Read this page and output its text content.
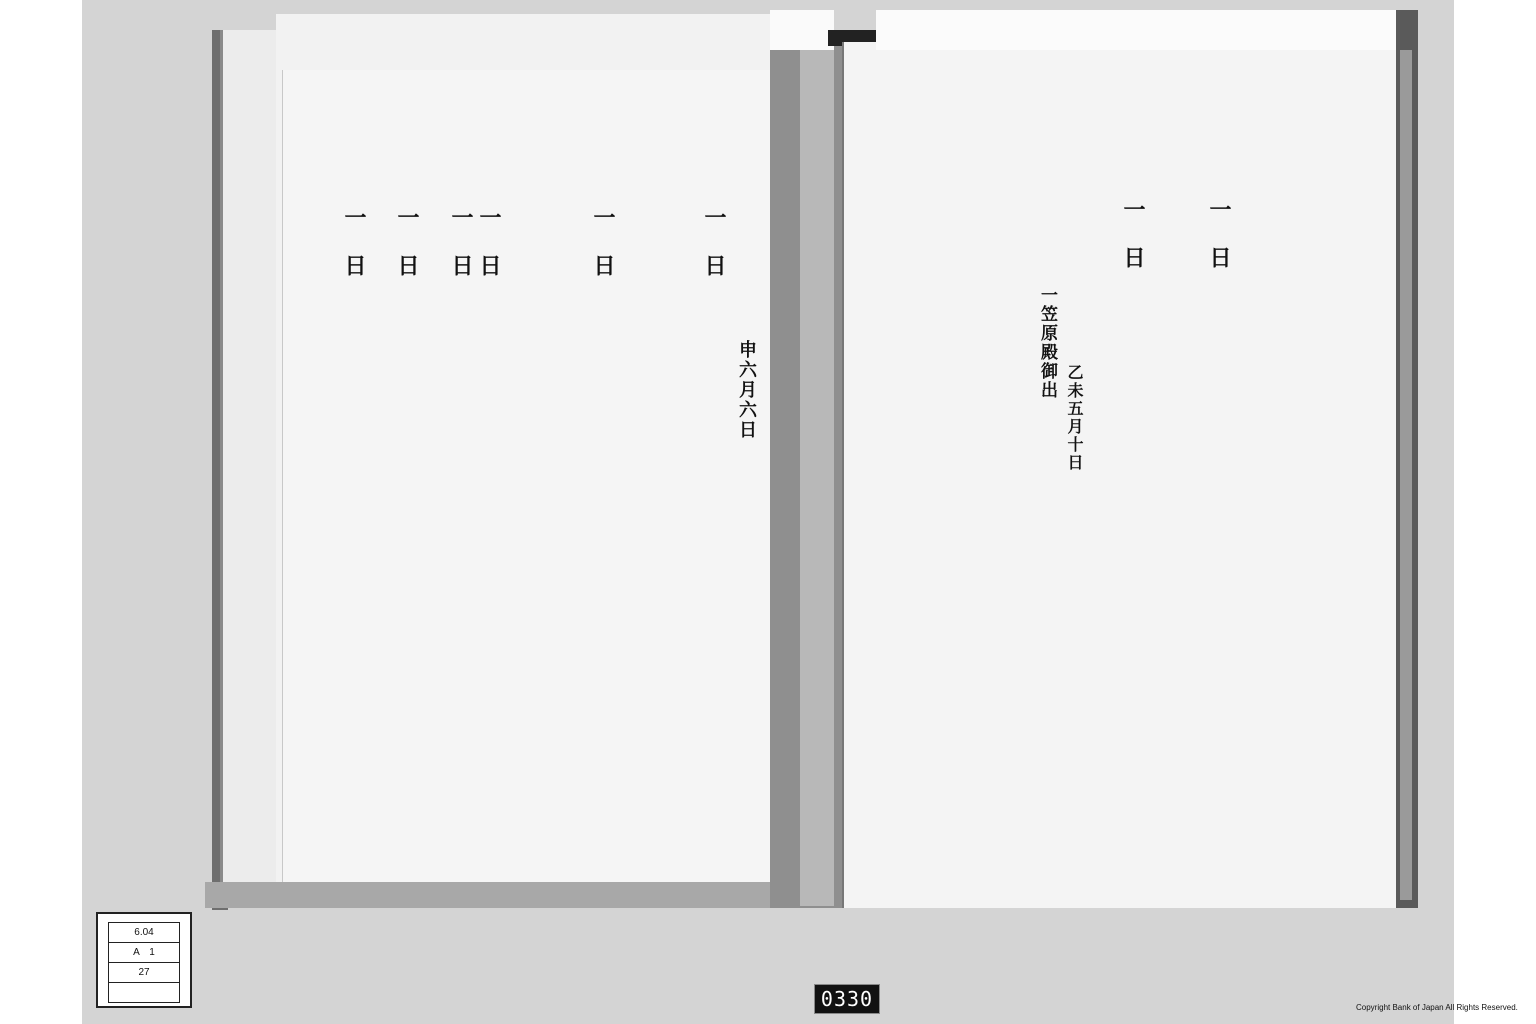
一　日
一　日
一笠原殿御出
乙未五月十日
一　日
申六月六日
一　日
一　日
一　日
一　日
一　日
6.04
A　1
27
0330	Copyright Bank of Japan All Rights Reserved.
